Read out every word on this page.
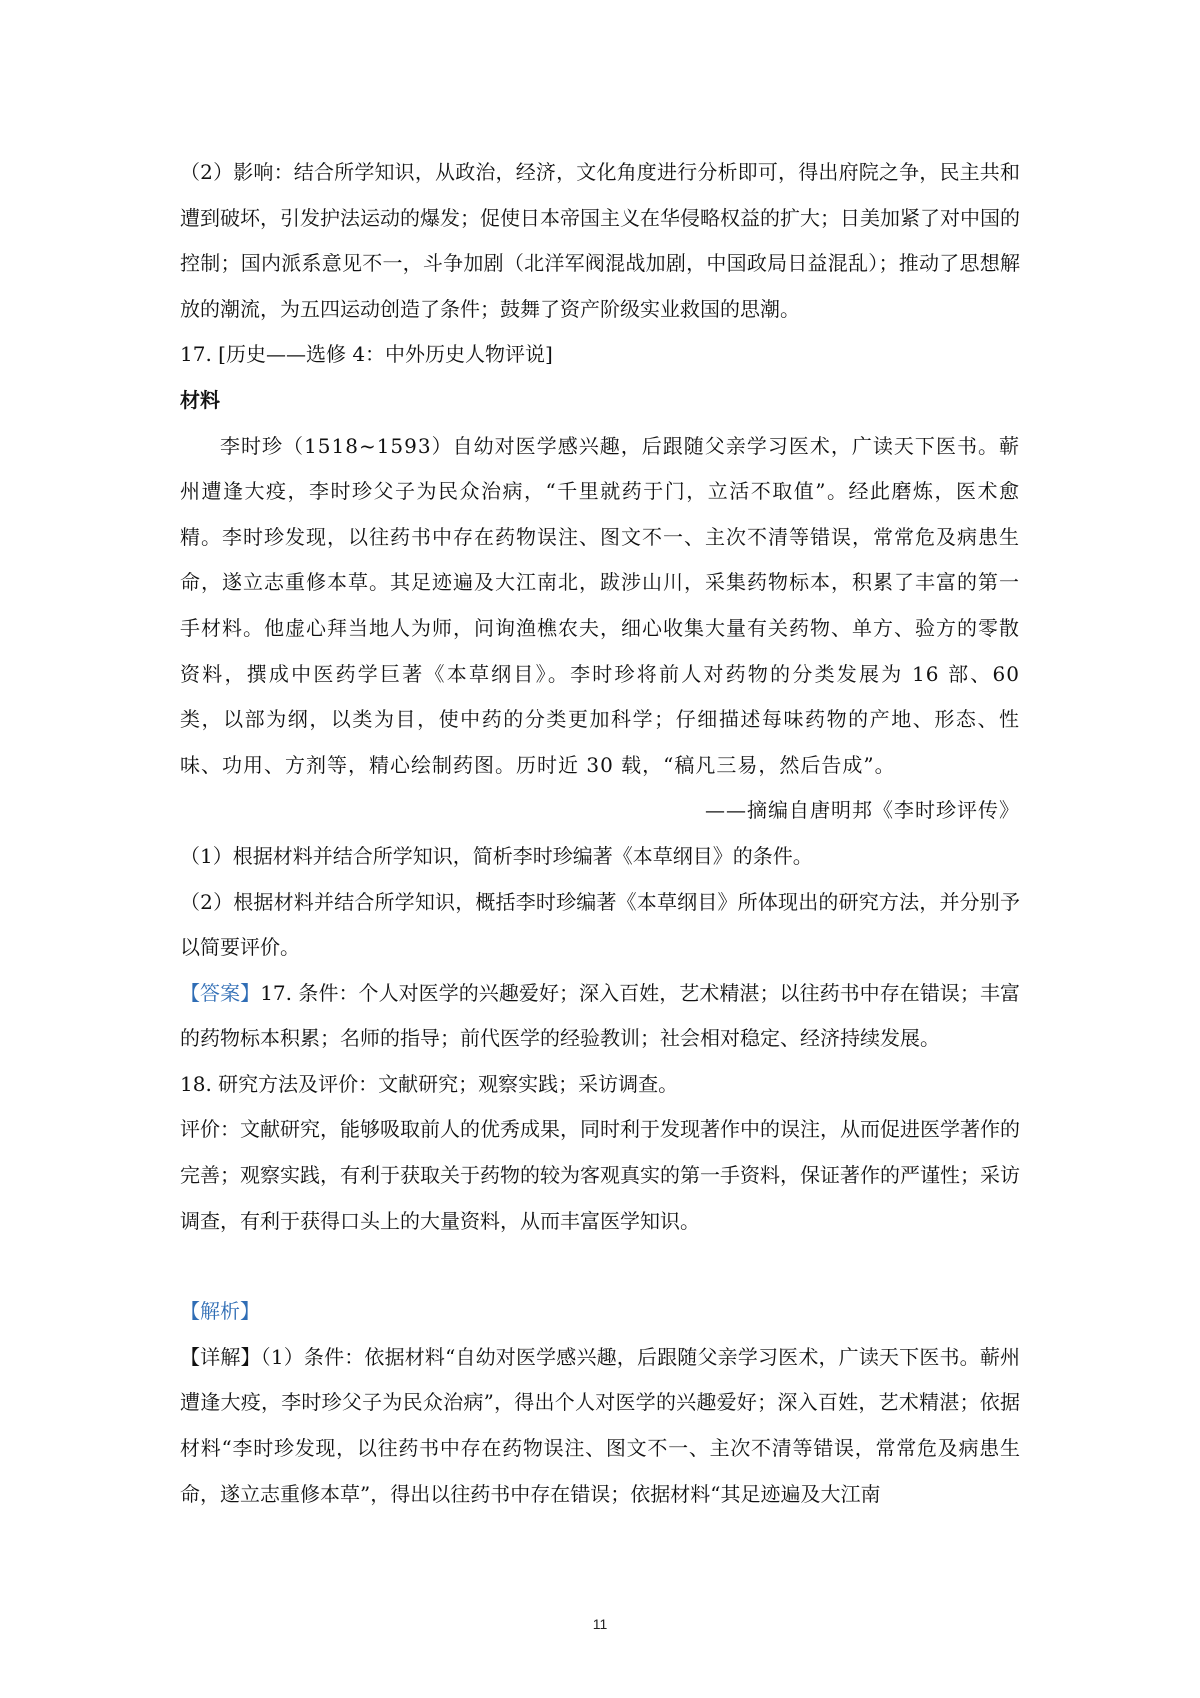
（2）影响：结合所学知识，从政治，经济，文化角度进行分析即可，得出府院之争，民主共和遭到破坏，引发护法运动的爆发；促使日本帝国主义在华侵略权益的扩大；日美加紧了对中国的控制；国内派系意见不一，斗争加剧（北洋军阀混战加剧，中国政局日益混乱）；推动了思想解放的潮流，为五四运动创造了条件；鼓舞了资产阶级实业救国的思潮。

17. [历史——选修 4：中外历史人物评说]

材料

李时珍（1518~1593）自幼对医学感兴趣，后跟随父亲学习医术，广读天下医书。蕲州遭逢大疫，李时珍父子为民众治病，“千里就药于门，立活不取值”。经此磨炼，医术愈精。李时珍发现，以往药书中存在药物误注、图文不一、主次不清等错误，常常危及病患生命，遂立志重修本草。其足迹遍及大江南北，跋涉山川，采集药物标本，积累了丰富的第一手材料。他虚心拜当地人为师，问询渔樵农夫，细心收集大量有关药物、单方、验方的零散资料，撰成中医药学巨著《本草纲目》。李时珍将前人对药物的分类发展为 16 部、60 类，以部为纲，以类为目，使中药的分类更加科学；仔细描述每味药物的产地、形态、性味、功用、方剂等，精心绘制药图。历时近 30 载，“稿凡三易，然后告成”。

——摘编自唐明邦《李时珍评传》

（1）根据材料并结合所学知识，简析李时珍编著《本草纲目》的条件。

（2）根据材料并结合所学知识，概括李时珍编著《本草纲目》所体现出的研究方法，并分别予以简要评价。

【答案】17. 条件：个人对医学的兴趣爱好；深入百姓，艺术精湛；以往药书中存在错误；丰富的药物标本积累；名师的指导；前代医学的经验教训；社会相对稳定、经济持续发展。

18. 研究方法及评价：文献研究；观察实践；采访调查。

评价：文献研究，能够吸取前人的优秀成果，同时利于发现著作中的误注，从而促进医学著作的完善；观察实践，有利于获取关于药物的较为客观真实的第一手资料，保证著作的严谨性；采访调查，有利于获得口头上的大量资料，从而丰富医学知识。

【解析】

【详解】（1）条件：依据材料“自幼对医学感兴趣，后跟随父亲学习医术，广读天下医书。蕲州遭逢大疫，李时珍父子为民众治病”，得出个人对医学的兴趣爱好；深入百姓，艺术精湛；依据材料“李时珍发现，以往药书中存在药物误注、图文不一、主次不清等错误，常常危及病患生命，遂立志重修本草”，得出以往药书中存在错误；依据材料“其足迹遍及大江南

11
